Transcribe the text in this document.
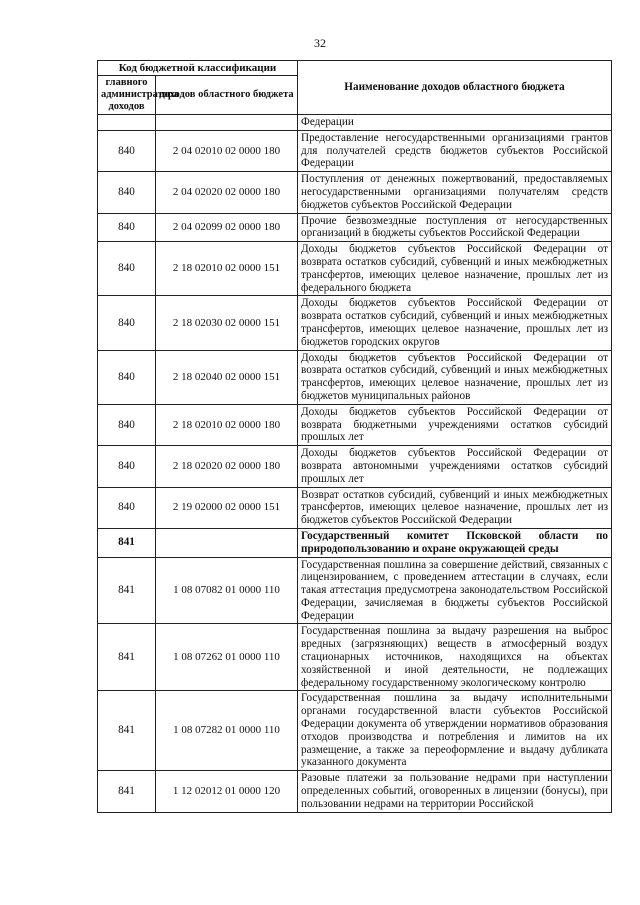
32
Код бюджетной классификации		Наименование доходов областного бюджета
главного администратора доходов	доходов областного бюджета	
		Федерации
840	2 04 02010 02 0000 180	Предоставление негосударственными организациями грантов для получателей средств бюджетов субъектов Российской Федерации
840	2 04 02020 02 0000 180	Поступления от денежных пожертвований, предоставляемых негосударственными организациями получателям средств бюджетов субъектов Российской Федерации
840	2 04 02099 02 0000 180	Прочие безвозмездные поступления от негосударственных организаций в бюджеты субъектов Российской Федерации
840	2 18 02010 02 0000 151	Доходы бюджетов субъектов Российской Федерации от возврата остатков субсидий, субвенций и иных межбюджетных трансфертов, имеющих целевое назначение, прошлых лет из федерального бюджета
840	2 18 02030 02 0000 151	Доходы бюджетов субъектов Российской Федерации от возврата остатков субсидий, субвенций и иных межбюджетных трансфертов, имеющих целевое назначение, прошлых лет из бюджетов городских округов
840	2 18 02040 02 0000 151	Доходы бюджетов субъектов Российской Федерации от возврата остатков субсидий, субвенций и иных межбюджетных трансфертов, имеющих целевое назначение, прошлых лет из бюджетов муниципальных районов
840	2 18 02010 02 0000 180	Доходы бюджетов субъектов Российской Федерации от возврата бюджетными учреждениями остатков субсидий прошлых лет
840	2 18 02020 02 0000 180	Доходы бюджетов субъектов Российской Федерации от возврата автономными учреждениями остатков субсидий прошлых лет
840	2 19 02000 02 0000 151	Возврат остатков субсидий, субвенций и иных межбюджетных трансфертов, имеющих целевое назначение, прошлых лет из бюджетов субъектов Российской Федерации
841		Государственный комитет Псковской области по природопользованию и охране окружающей среды
841	1 08 07082 01 0000 110	Государственная пошлина за совершение действий, связанных с лицензированием, с проведением аттестации в случаях, если такая аттестация предусмотрена законодательством Российской Федерации, зачисляемая в бюджеты субъектов Российской Федерации
841	1 08 07262 01 0000 110	Государственная пошлина за выдачу разрешения на выброс вредных (загрязняющих) веществ в атмосферный воздух стационарных источников, находящихся на объектах хозяйственной и иной деятельности, не подлежащих федеральному государственному экологическому контролю
841	1 08 07282 01 0000 110	Государственная пошлина за выдачу исполнительными органами государственной власти субъектов Российской Федерации документа об утверждении нормативов образования отходов производства и потребления и лимитов на их размещение, а также за переоформление и выдачу дубликата указанного документа
841	1 12 02012 01 0000 120	Разовые платежи за пользование недрами при наступлении определенных событий, оговоренных в лицензии (бонусы), при пользовании недрами на территории Российской
